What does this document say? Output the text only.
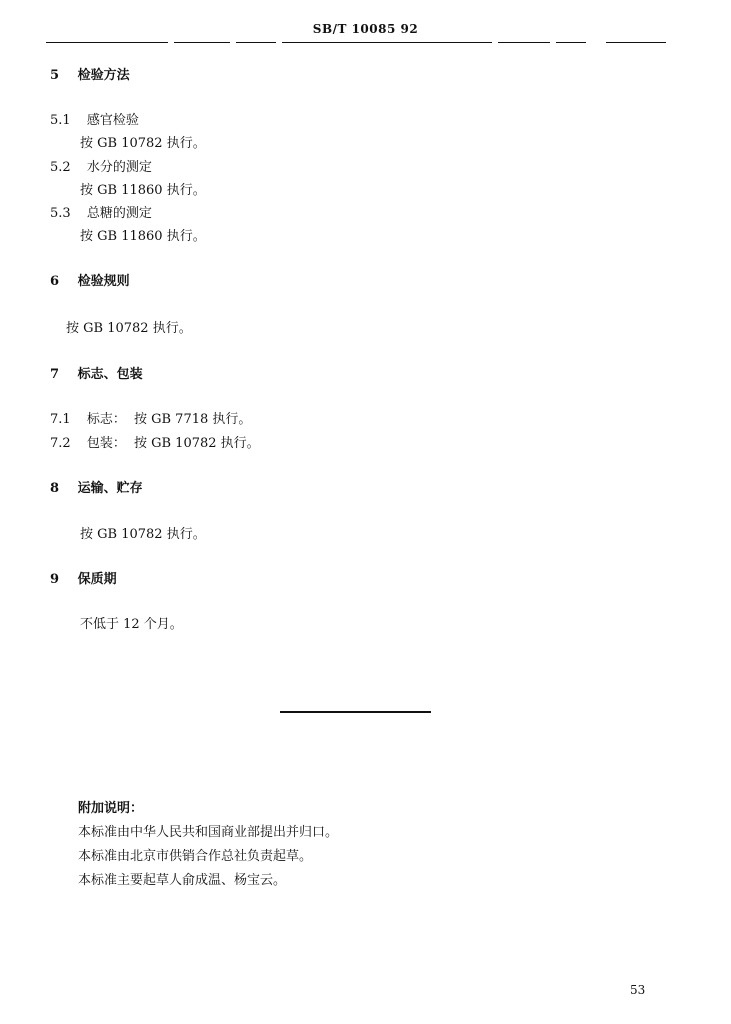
SB/T 10085 92
5 检验方法
5.1 感官检验
按 GB 10782 执行。
5.2 水分的测定
按 GB 11860 执行。
5.3 总糖的测定
按 GB 11860 执行。
6 检验规则
按 GB 10782 执行。
7 标志、包装
7.1 标志： 按 GB 7718 执行。
7.2 包装： 按 GB 10782 执行。
8 运输、贮存
按 GB 10782 执行。
9 保质期
不低于 12 个月。
附加说明：
本标准由中华人民共和国商业部提出并归口。
本标准由北京市供销合作总社负责起草。
本标准主要起草人俞成温、杨宝云。
53
